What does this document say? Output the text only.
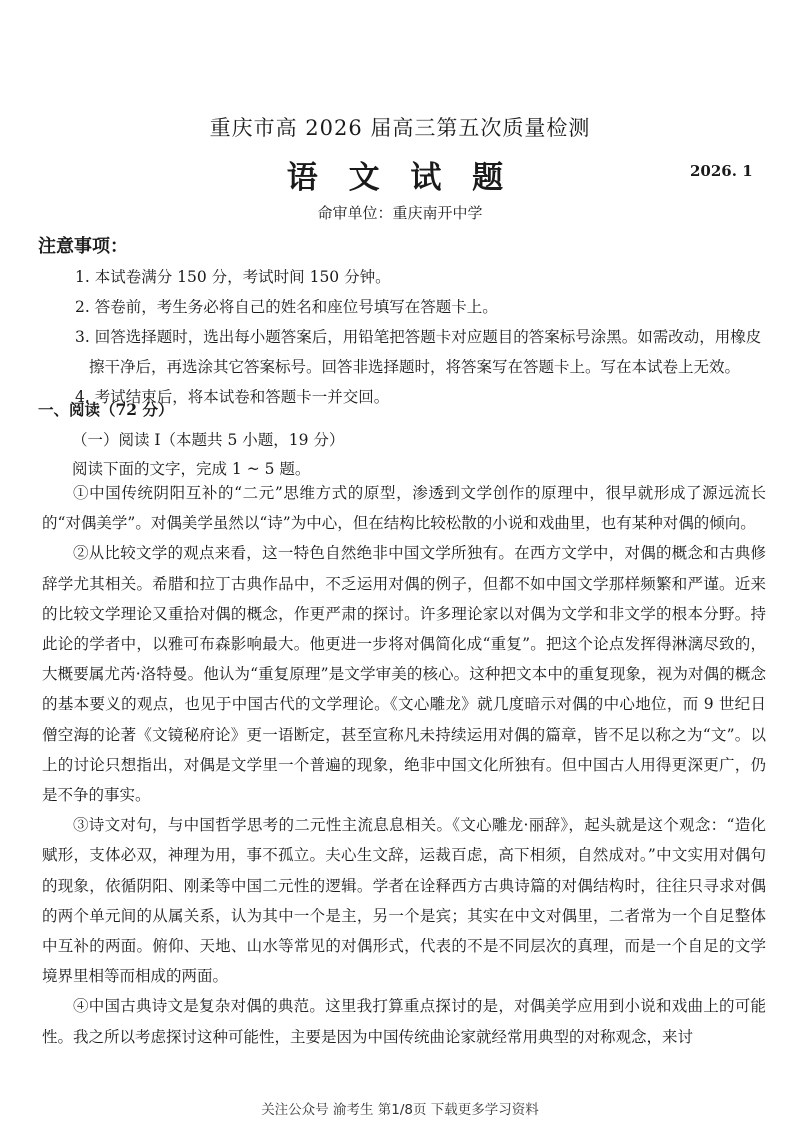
重庆市高 2026 届高三第五次质量检测
语 文 试 题	2026. 1
命审单位：重庆南开中学
注意事项：
1. 本试卷满分 150 分，考试时间 150 分钟。
2. 答卷前，考生务必将自己的姓名和座位号填写在答题卡上。
3. 回答选择题时，选出每小题答案后，用铅笔把答题卡对应题目的答案标号涂黑。如需改动，用橡皮擦干净后，再选涂其它答案标号。回答非选择题时，将答案写在答题卡上。写在本试卷上无效。
4. 考试结束后，将本试卷和答题卡一并交回。
一、阅读（72 分）
（一）阅读 Ⅰ（本题共 5 小题，19 分）
阅读下面的文字，完成 1 ~ 5 题。

①中国传统阴阳互补的“二元”思维方式的原型，渗透到文学创作的原理中，很早就形成了源远流长的“对偶美学”。对偶美学虽然以“诗”为中心，但在结构比较松散的小说和戏曲里，也有某种对偶的倾向。

②从比较文学的观点来看，这一特色自然绝非中国文学所独有。在西方文学中，对偶的概念和古典修辞学尤其相关。希腊和拉丁古典作品中，不乏运用对偶的例子，但都不如中国文学那样频繁和严谨。近来的比较文学理论又重拾对偶的概念，作更严肃的探讨。许多理论家以对偶为文学和非文学的根本分野。持此论的学者中，以雅可布森影响最大。他更进一步将对偶简化成“重复”。把这个论点发挥得淋漓尽致的，大概要属尤芮·洛特曼。他认为“重复原理”是文学审美的核心。这种把文本中的重复现象，视为对偶的概念的基本要义的观点，也见于中国古代的文学理论。《文心雕龙》就几度暗示对偶的中心地位，而 9 世纪日僧空海的论著《文镜秘府论》更一语断定，甚至宣称凡未持续运用对偶的篇章，皆不足以称之为“文”。以上的讨论只想指出，对偶是文学里一个普遍的现象，绝非中国文化所独有。但中国古人用得更深更广，仍是不争的事实。

③诗文对句，与中国哲学思考的二元性主流息息相关。《文心雕龙·丽辞》，起头就是这个观念：“造化赋形，支体必双，神理为用，事不孤立。夫心生文辞，运裁百虑，高下相须，自然成对。”中文实用对偶句的现象，依循阴阳、刚柔等中国二元性的逻辑。学者在诠释西方古典诗篇的对偶结构时，往往只寻求对偶的两个单元间的从属关系，认为其中一个是主，另一个是宾；其实在中文对偶里，二者常为一个自足整体中互补的两面。俯仰、天地、山水等常见的对偶形式，代表的不是不同层次的真理，而是一个自足的文学境界里相等而相成的两面。

④中国古典诗文是复杂对偶的典范。这里我打算重点探讨的是，对偶美学应用到小说和戏曲上的可能性。我之所以考虑探讨这种可能性，主要是因为中国传统曲论家就经常用典型的对称观念，来讨

关注公众号 渝考生 第1/8页 下载更多学习资料
